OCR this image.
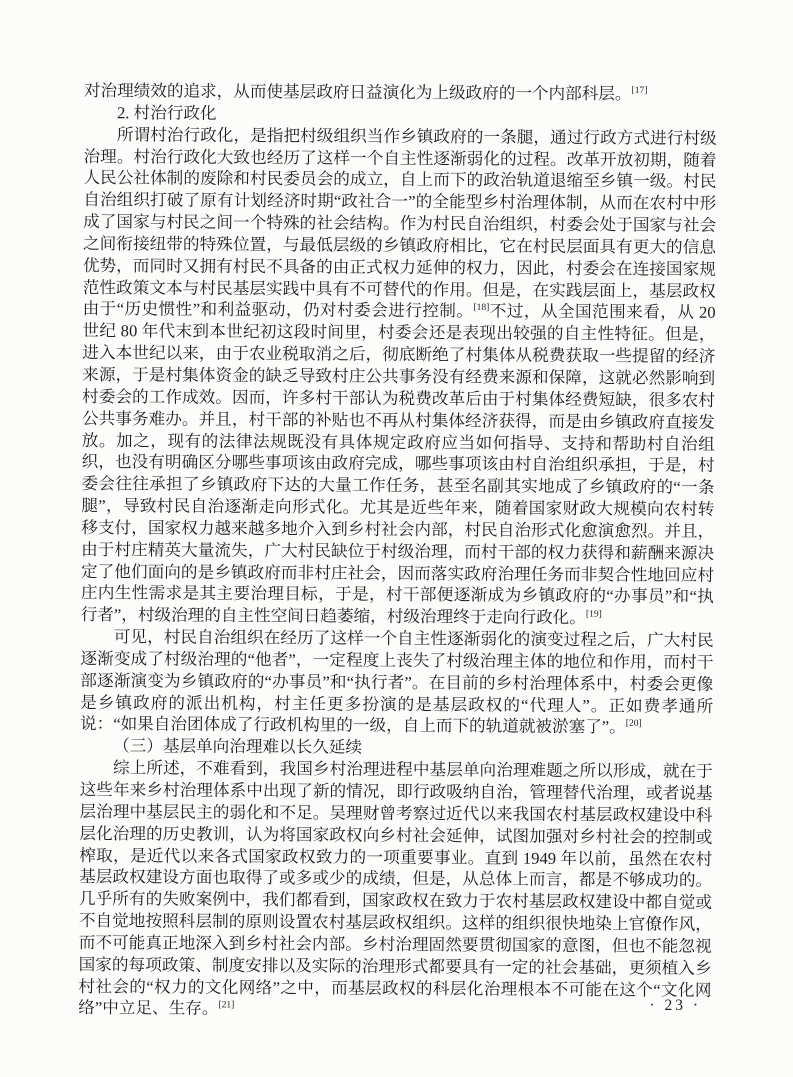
对治理绩效的追求，从而使基层政府日益演化为上级政府的一个内部科层。[17]

2. 村治行政化

所谓村治行政化，是指把村级组织当作乡镇政府的一条腿，通过行政方式进行村级治理。村治行政化大致也经历了这样一个自主性逐渐弱化的过程。改革开放初期，随着人民公社体制的废除和村民委员会的成立，自上而下的政治轨道退缩至乡镇一级。村民自治组织打破了原有计划经济时期“政社合一”的全能型乡村治理体制，从而在农村中形成了国家与村民之间一个特殊的社会结构。作为村民自治组织，村委会处于国家与社会之间衔接纽带的特殊位置，与最低层级的乡镇政府相比，它在村民层面具有更大的信息优势，而同时又拥有村民不具备的由正式权力延伸的权力，因此，村委会在连接国家规范性政策文本与村民基层实践中具有不可替代的作用。但是，在实践层面上，基层政权由于“历史惯性”和利益驱动，仍对村委会进行控制。[18]不过，从全国范围来看，从 20 世纪 80 年代末到本世纪初这段时间里，村委会还是表现出较强的自主性特征。但是，进入本世纪以来，由于农业税取消之后，彻底断绝了村集体从税费获取一些提留的经济来源，于是村集体资金的缺乏导致村庄公共事务没有经费来源和保障，这就必然影响到村委会的工作成效。因而，许多村干部认为税费改革后由于村集体经费短缺，很多农村公共事务难办。并且，村干部的补贴也不再从村集体经济获得，而是由乡镇政府直接发放。加之，现有的法律法规既没有具体规定政府应当如何指导、支持和帮助村自治组织，也没有明确区分哪些事项该由政府完成，哪些事项该由村自治组织承担，于是，村委会往往承担了乡镇政府下达的大量工作任务，甚至名副其实地成了乡镇政府的“一条腿”，导致村民自治逐渐走向形式化。尤其是近些年来，随着国家财政大规模向农村转移支付，国家权力越来越多地介入到乡村社会内部，村民自治形式化愈演愈烈。并且，由于村庄精英大量流失，广大村民缺位于村级治理，而村干部的权力获得和薪酬来源决定了他们面向的是乡镇政府而非村庄社会，因而落实政府治理任务而非契合性地回应村庄内生性需求是其主要治理目标，于是，村干部便逐渐成为乡镇政府的“办事员”和“执行者”，村级治理的自主性空间日趋萎缩，村级治理终于走向行政化。[19]

可见，村民自治组织在经历了这样一个自主性逐渐弱化的演变过程之后，广大村民逐渐变成了村级治理的“他者”，一定程度上丧失了村级治理主体的地位和作用，而村干部逐渐演变为乡镇政府的“办事员”和“执行者”。在目前的乡村治理体系中，村委会更像是乡镇政府的派出机构，村主任更多扮演的是基层政权的“代理人”。正如费孝通所说：“如果自治团体成了行政机构里的一级，自上而下的轨道就被淤塞了”。[20]

（三）基层单向治理难以长久延续

综上所述，不难看到，我国乡村治理进程中基层单向治理难题之所以形成，就在于这些年来乡村治理体系中出现了新的情况，即行政吸纳自治，管理替代治理，或者说基层治理中基层民主的弱化和不足。吴理财曾考察过近代以来我国农村基层政权建设中科层化治理的历史教训，认为将国家政权向乡村社会延伸，试图加强对乡村社会的控制或榨取，是近代以来各式国家政权致力的一项重要事业。直到 1949 年以前，虽然在农村基层政权建设方面也取得了或多或少的成绩，但是，从总体上而言，都是不够成功的。几乎所有的失败案例中，我们都看到，国家政权在致力于农村基层政权建设中都自觉或不自觉地按照科层制的原则设置农村基层政权组织。这样的组织很快地染上官僚作风，而不可能真正地深入到乡村社会内部。乡村治理固然要贯彻国家的意图，但也不能忽视国家的每项政策、制度安排以及实际的治理形式都要具有一定的社会基础，更须植入乡村社会的“权力的文化网络”之中，而基层政权的科层化治理根本不可能在这个“文化网络”中立足、生存。[21]	· 23 ·
